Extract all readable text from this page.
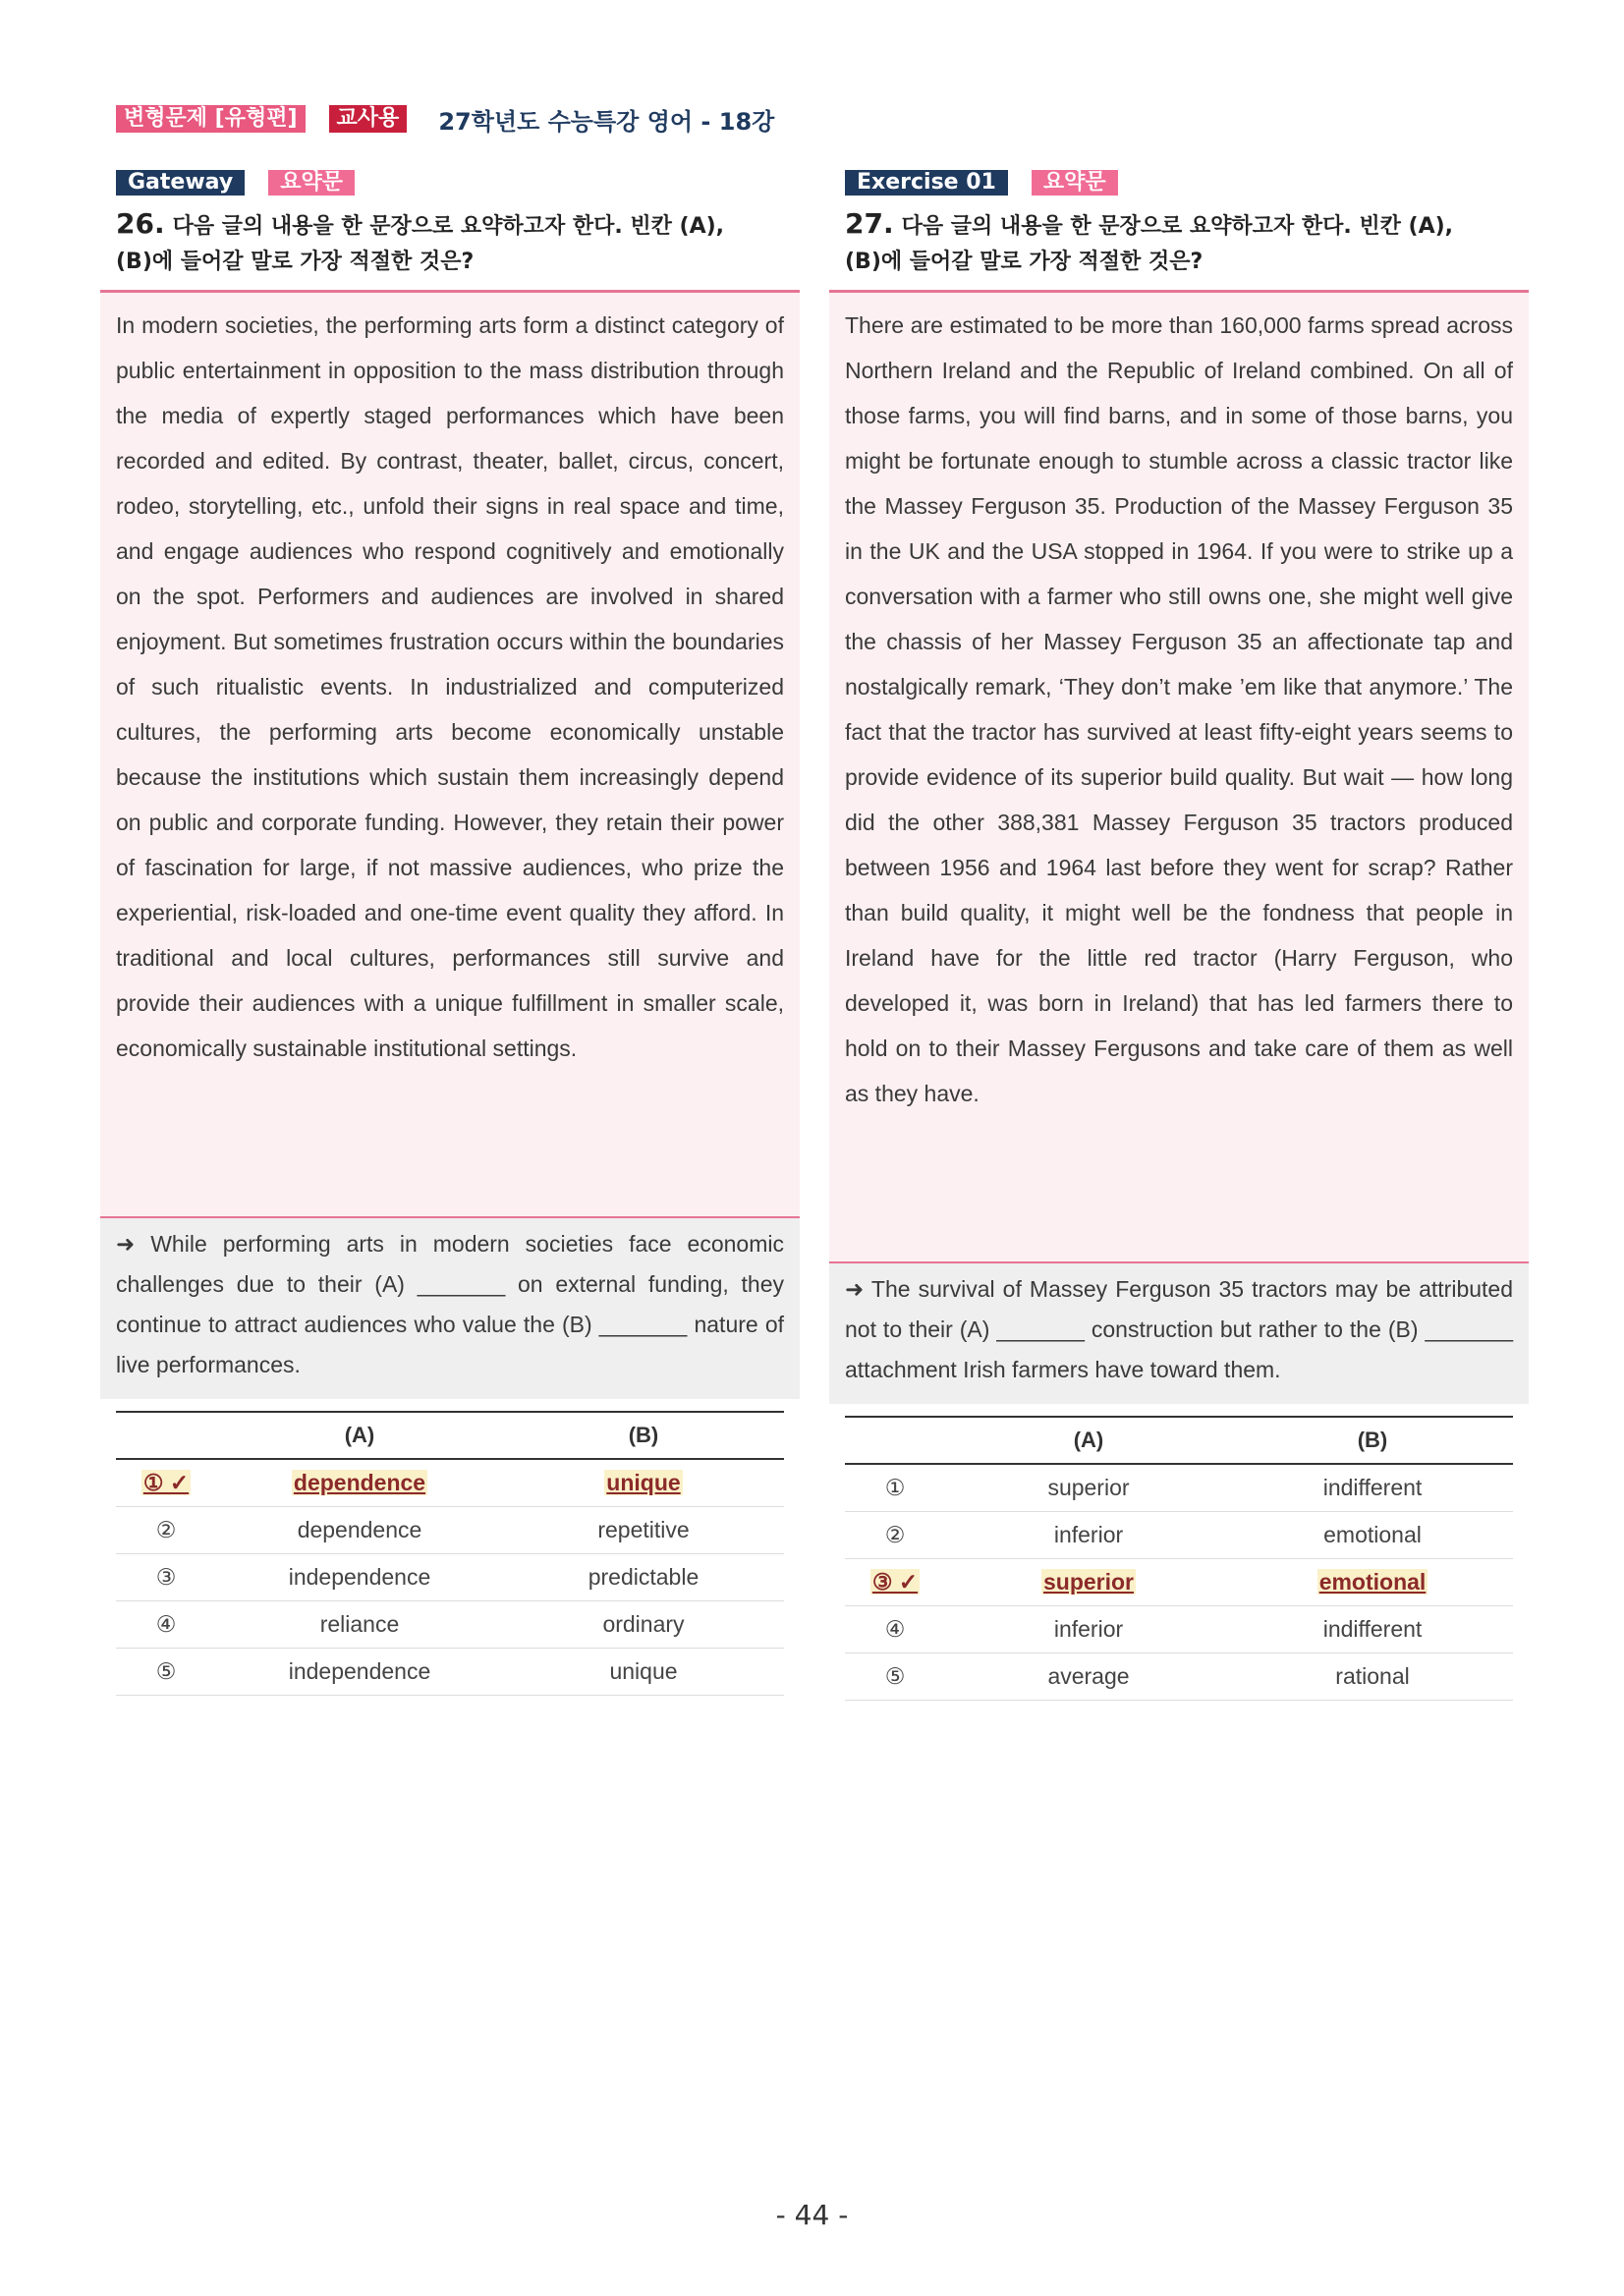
변형문제 [유형편]	교사용	27학년도 수능특강 영어 - 18강
Gateway	요약문
26. 다음 글의 내용을 한 문장으로 요약하고자 한다. 빈칸 (A),
(B)에 들어갈 말로 가장 적절한 것은?

In modern societies, the performing arts form a distinct category of public entertainment in opposition to the mass distribution through the media of expertly staged performances which have been recorded and edited. By contrast, theater, ballet, circus, concert, rodeo, storytelling, etc., unfold their signs in real space and time, and engage audiences who respond cognitively and emotionally on the spot. Performers and audiences are involved in shared enjoyment. But sometimes frustration occurs within the boundaries of such ritualistic events. In industrialized and computerized cultures, the performing arts become economically unstable because the institutions which sustain them increasingly depend on public and corporate funding. However, they retain their power of fascination for large, if not massive audiences, who prize the experiential, risk-loaded and one-time event quality they afford. In traditional and local cultures, performances still survive and provide their audiences with a unique fulfillment in smaller scale, economically sustainable institutional settings.

➜ While performing arts in modern societies face economic challenges due to their (A) _______ on external funding, they continue to attract audiences who value the (B) _______ nature of live performances.
	(A)	(B)
① ✓	dependence	unique
②	dependence	repetitive
③	independence	predictable
④	reliance	ordinary
⑤	independence	unique
Exercise 01	요약문
27. 다음 글의 내용을 한 문장으로 요약하고자 한다. 빈칸 (A),
(B)에 들어갈 말로 가장 적절한 것은?

There are estimated to be more than 160,000 farms spread across Northern Ireland and the Republic of Ireland combined. On all of those farms, you will find barns, and in some of those barns, you might be fortunate enough to stumble across a classic tractor like the Massey Ferguson 35. Production of the Massey Ferguson 35 in the UK and the USA stopped in 1964. If you were to strike up a conversation with a farmer who still owns one, she might well give the chassis of her Massey Ferguson 35 an affectionate tap and nostalgically remark, ‘They don’t make ’em like that anymore.’ The fact that the tractor has survived at least fifty-eight years seems to provide evidence of its superior build quality. But wait — how long did the other 388,381 Massey Ferguson 35 tractors produced between 1956 and 1964 last before they went for scrap? Rather than build quality, it might well be the fondness that people in Ireland have for the little red tractor (Harry Ferguson, who developed it, was born in Ireland) that has led farmers there to hold on to their Massey Fergusons and take care of them as well as they have.

➜ The survival of Massey Ferguson 35 tractors may be attributed not to their (A) _______ construction but rather to the (B) _______ attachment Irish farmers have toward them.
	(A)	(B)
①	superior	indifferent
②	inferior	emotional
③ ✓	superior	emotional
④	inferior	indifferent
⑤	average	rational
- 44 -
